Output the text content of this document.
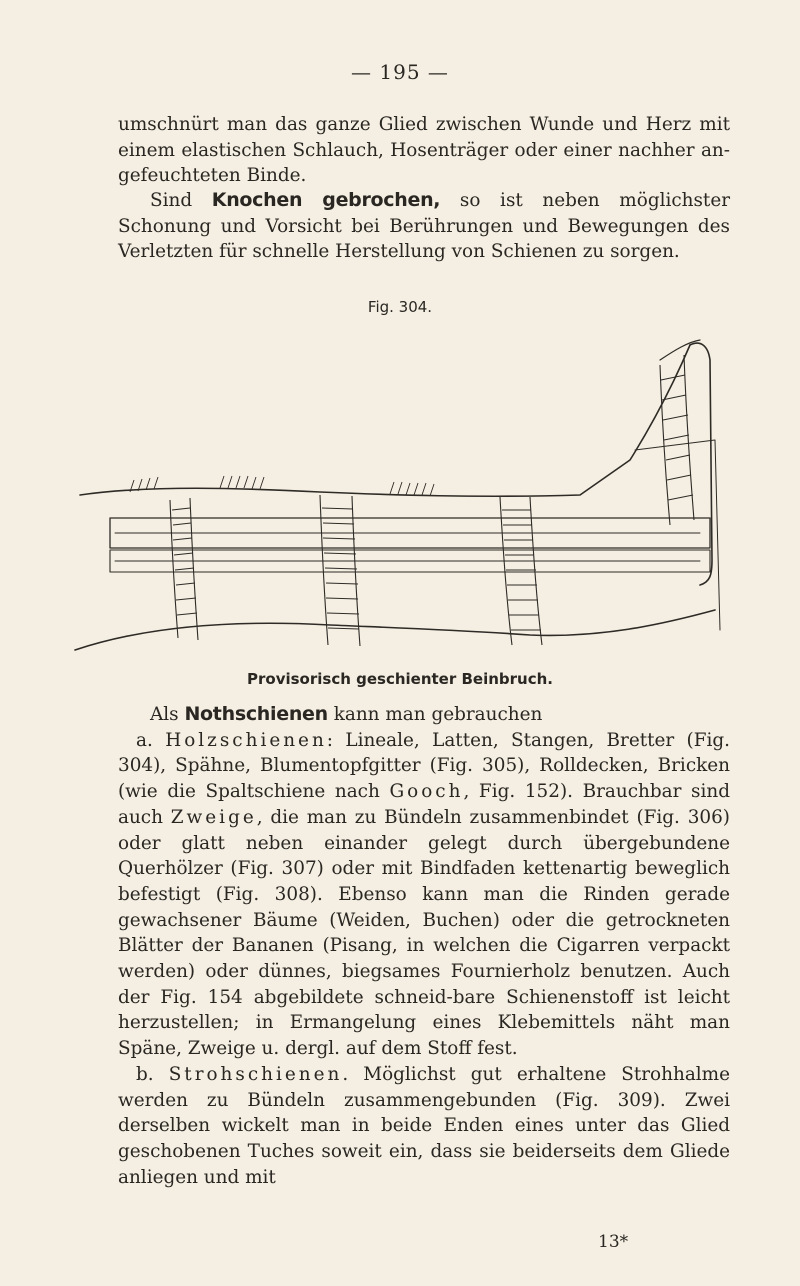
— 195 —
umschnürt man das ganze Glied zwischen Wunde und Herz mit einem elastischen Schlauch, Hosenträger oder einer nachher an-gefeuchteten Binde.
Sind Knochen gebrochen, so ist neben möglichster Schonung und Vorsicht bei Berührungen und Bewegungen des Verletzten für schnelle Herstellung von Schienen zu sorgen.
Fig. 304.
Provisorisch geschienter Beinbruch.

Als Nothschienen kann man gebrauchen

a. Holzschienen: Lineale, Latten, Stangen, Bretter (Fig. 304), Spähne, Blumentopfgitter (Fig. 305), Rolldecken, Bricken (wie die Spaltschiene nach Gooch, Fig. 152). Brauchbar sind auch Zweige, die man zu Bündeln zusammenbindet (Fig. 306) oder glatt neben einander gelegt durch übergebundene Querhölzer (Fig. 307) oder mit Bindfaden kettenartig beweglich befestigt (Fig. 308). Ebenso kann man die Rinden gerade gewachsener Bäume (Weiden, Buchen) oder die getrockneten Blätter der Bananen (Pisang, in welchen die Cigarren verpackt werden) oder dünnes, biegsames Fournierholz benutzen. Auch der Fig. 154 abgebildete schneid-bare Schienenstoff ist leicht herzustellen; in Ermangelung eines Klebemittels näht man Späne, Zweige u. dergl. auf dem Stoff fest.

b. Strohschienen. Möglichst gut erhaltene Strohhalme werden zu Bündeln zusammengebunden (Fig. 309). Zwei derselben wickelt man in beide Enden eines unter das Glied geschobenen Tuches soweit ein, dass sie beiderseits dem Gliede anliegen und mit

13*
